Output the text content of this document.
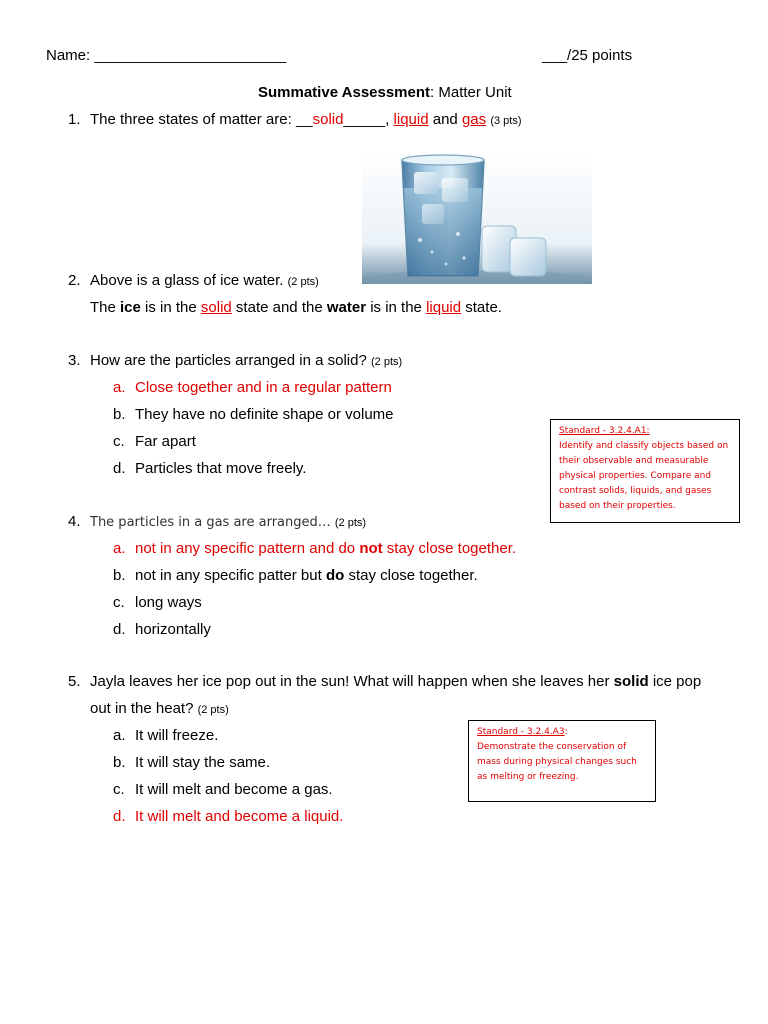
Name: _______________________	___/25 points
Summative Assessment: Matter Unit
1. The three states of matter are: __solid_____, liquid and gas (3 pts)
2. Above is a glass of ice water. (2 pts)
The ice is in the solid state and the water is in the liquid state.
3. How are the particles arranged in a solid? (2 pts)
a. Close together and in a regular pattern
b. They have no definite shape or volume
c. Far apart
d. Particles that move freely.
Standard - 3.2.4.A1:
Identify and classify objects based on their observable and measurable physical properties. Compare and contrast solids, liquids, and gases based on their properties.
4. The particles in a gas are arranged… (2 pts)
a. not in any specific pattern and do not stay close together.
b. not in any specific patter but do stay close together.
c. long ways
d. horizontally
5. Jayla leaves her ice pop out in the sun! What will happen when she leaves her solid ice pop
out in the heat? (2 pts)
a. It will freeze.
b. It will stay the same.
c. It will melt and become a gas.
d. It will melt and become a liquid.
Standard - 3.2.4.A3:
Demonstrate the conservation of mass during physical changes such as melting or freezing.
